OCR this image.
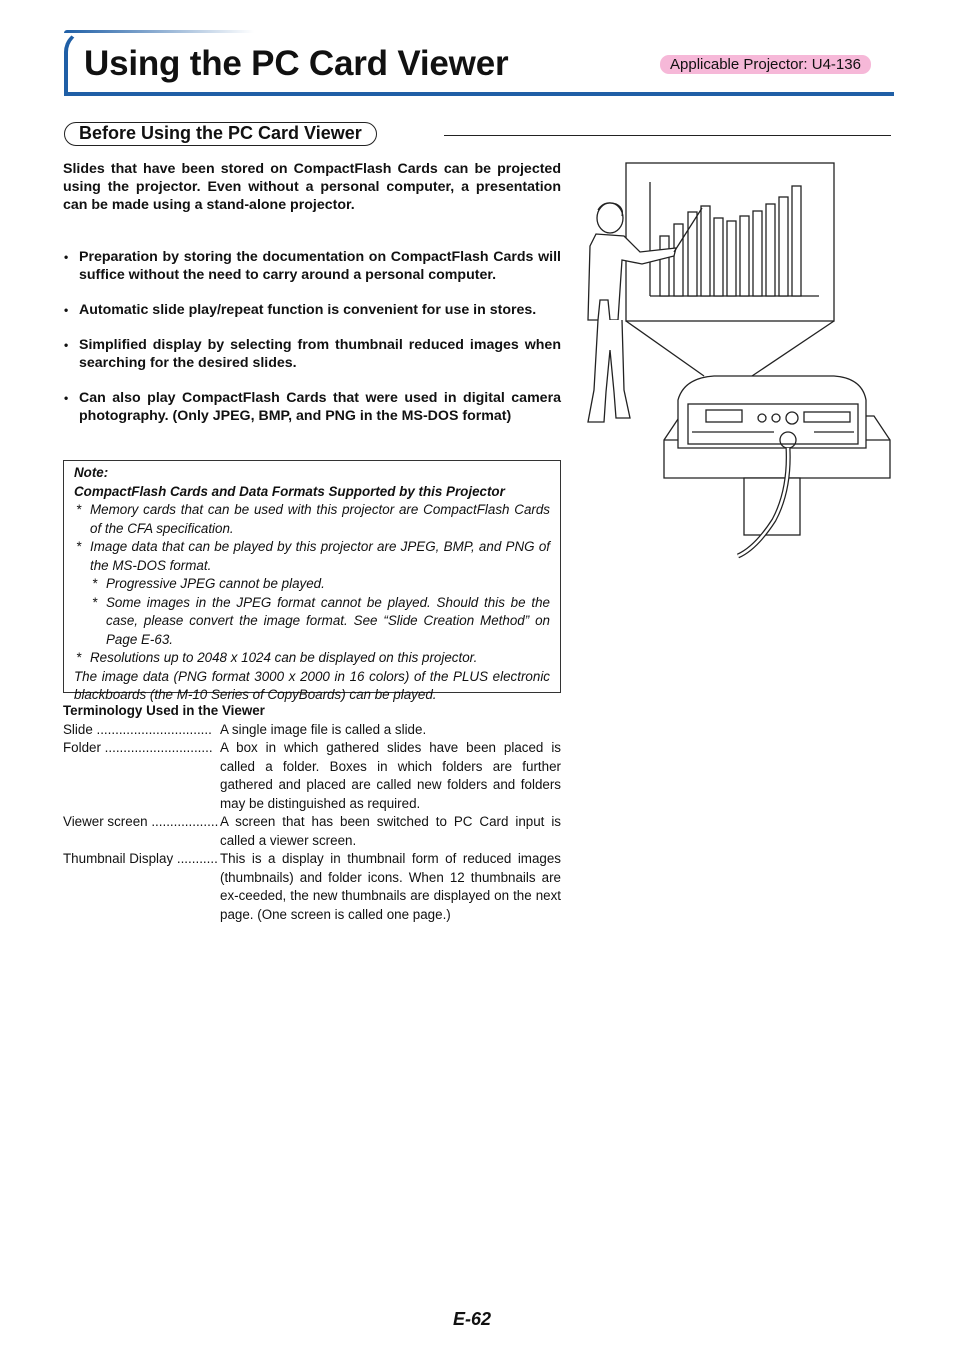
Using the PC Card Viewer	Applicable Projector: U4-136
Before Using the PC Card Viewer

Slides that have been stored on CompactFlash Cards can be projected using the projector. Even without a personal computer, a presentation can be made using a stand-alone projector.

• Preparation by storing the documentation on CompactFlash Cards will suffice without the need to carry around a personal computer.
• Automatic slide play/repeat function is convenient for use in stores.
• Simplified display by selecting from thumbnail reduced images when searching for the desired slides.
• Can also play CompactFlash Cards that were used in digital camera photography. (Only JPEG, BMP, and PNG in the MS-DOS format)
Note:
CompactFlash Cards and Data Formats Supported by this Projector
* Memory cards that can be used with this projector are CompactFlash Cards of the CFA specification.
* Image data that can be played by this projector are JPEG, BMP, and PNG of the MS-DOS format.
* Progressive JPEG cannot be played.
* Some images in the JPEG format cannot be played. Should this be the case, please convert the image format. See “Slide Creation Method” on Page E-63.
* Resolutions up to 2048 x 1024 can be displayed on this projector.
The image data (PNG format 3000 x 2000 in 16 colors) of the PLUS electronic blackboards (the M-10 Series of CopyBoards) can be played.
Terminology Used in the Viewer
Slide ............................... A single image file is called a slide.
Folder ............................. A box in which gathered slides have been placed is called a folder. Boxes in which folders are further gathered and placed are called new folders and folders may be distinguished as required.
Viewer screen .................. A screen that has been switched to PC Card input is called a viewer screen.
Thumbnail Display ........... This is a display in thumbnail form of reduced images (thumbnails) and folder icons. When 12 thumbnails are ex-ceeded, the new thumbnails are displayed on the next page. (One screen is called one page.)
E-62
